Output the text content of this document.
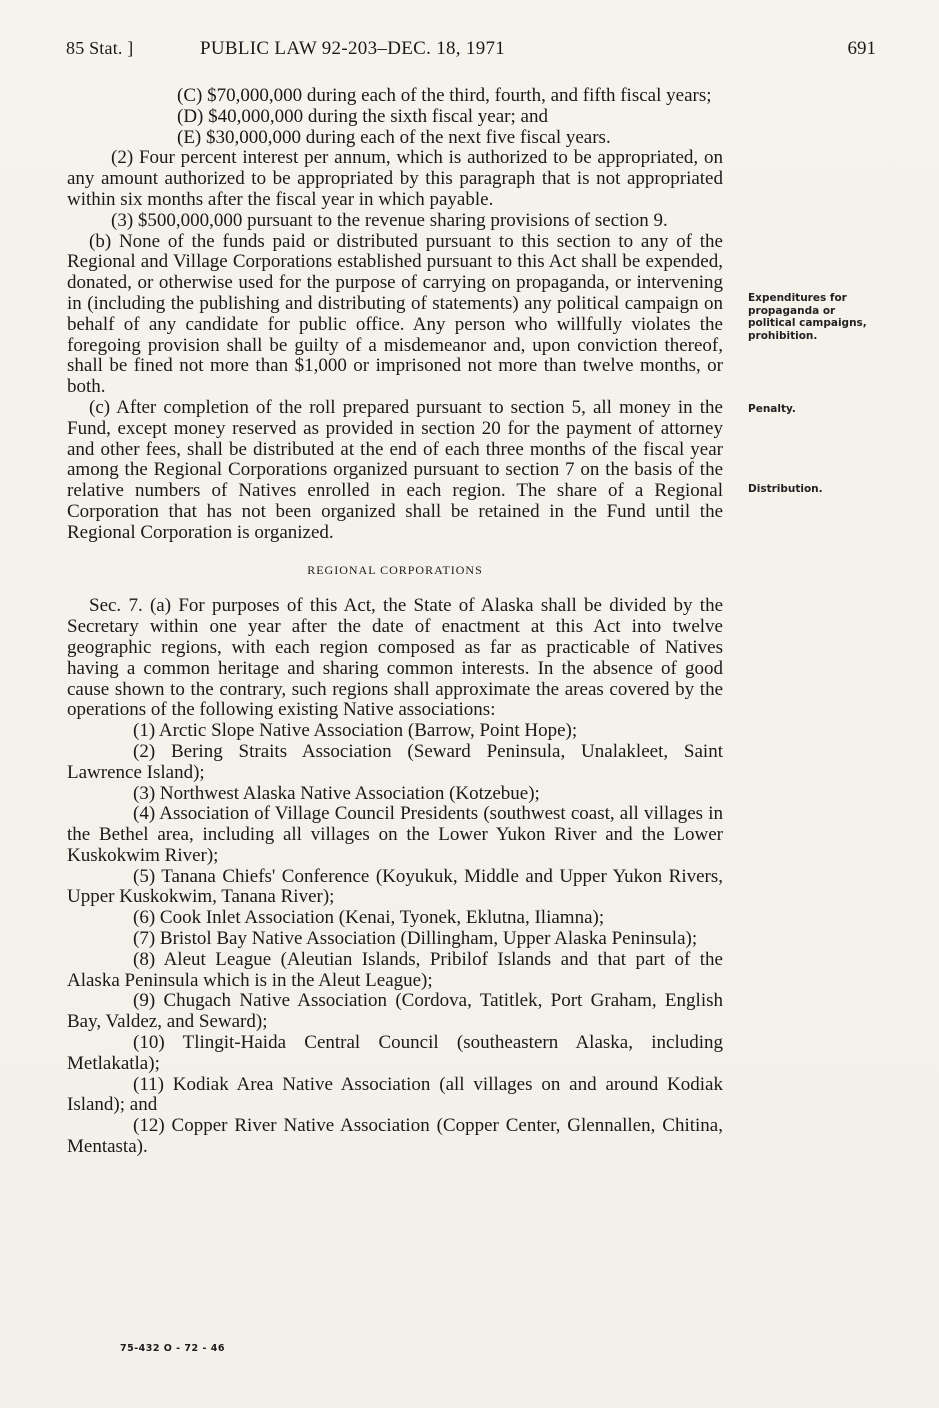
85 Stat. ]	PUBLIC LAW 92-203–DEC. 18, 1971	691

(C) $70,000,000 during each of the third, fourth, and fifth fiscal years;

(D) $40,000,000 during the sixth fiscal year; and

(E) $30,000,000 during each of the next five fiscal years.

(2) Four percent interest per annum, which is authorized to be appropriated, on any amount authorized to be appropriated by this paragraph that is not appropriated within six months after the fiscal year in which payable.

(3) $500,000,000 pursuant to the revenue sharing provisions of section 9.

(b) None of the funds paid or distributed pursuant to this section to any of the Regional and Village Corporations established pursuant to this Act shall be expended, donated, or otherwise used for the purpose of carrying on propaganda, or intervening in (including the publishing and distributing of statements) any political campaign on behalf of any candidate for public office. Any person who willfully violates the foregoing provision shall be guilty of a misdemeanor and, upon conviction thereof, shall be fined not more than $1,000 or imprisoned not more than twelve months, or both.

(c) After completion of the roll prepared pursuant to section 5, all money in the Fund, except money reserved as provided in section 20 for the payment of attorney and other fees, shall be distributed at the end of each three months of the fiscal year among the Regional Corporations organized pursuant to section 7 on the basis of the relative numbers of Natives enrolled in each region. The share of a Regional Corporation that has not been organized shall be retained in the Fund until the Regional Corporation is organized.

REGIONAL CORPORATIONS

Sec. 7. (a) For purposes of this Act, the State of Alaska shall be divided by the Secretary within one year after the date of enactment at this Act into twelve geographic regions, with each region composed as far as practicable of Natives having a common heritage and sharing common interests. In the absence of good cause shown to the contrary, such regions shall approximate the areas covered by the operations of the following existing Native associations:

(1) Arctic Slope Native Association (Barrow, Point Hope);

(2) Bering Straits Association (Seward Peninsula, Unalakleet, Saint Lawrence Island);

(3) Northwest Alaska Native Association (Kotzebue);

(4) Association of Village Council Presidents (southwest coast, all villages in the Bethel area, including all villages on the Lower Yukon River and the Lower Kuskokwim River);

(5) Tanana Chiefs' Conference (Koyukuk, Middle and Upper Yukon Rivers, Upper Kuskokwim, Tanana River);

(6) Cook Inlet Association (Kenai, Tyonek, Eklutna, Iliamna);

(7) Bristol Bay Native Association (Dillingham, Upper Alaska Peninsula);

(8) Aleut League (Aleutian Islands, Pribilof Islands and that part of the Alaska Peninsula which is in the Aleut League);

(9) Chugach Native Association (Cordova, Tatitlek, Port Graham, English Bay, Valdez, and Seward);

(10) Tlingit-Haida Central Council (southeastern Alaska, including Metlakatla);

(11) Kodiak Area Native Association (all villages on and around Kodiak Island); and

(12) Copper River Native Association (Copper Center, Glennallen, Chitina, Mentasta).

Expenditures for propaganda or political campaigns, prohibition.
Penalty.
Distribution.
75-432 O - 72 - 46
